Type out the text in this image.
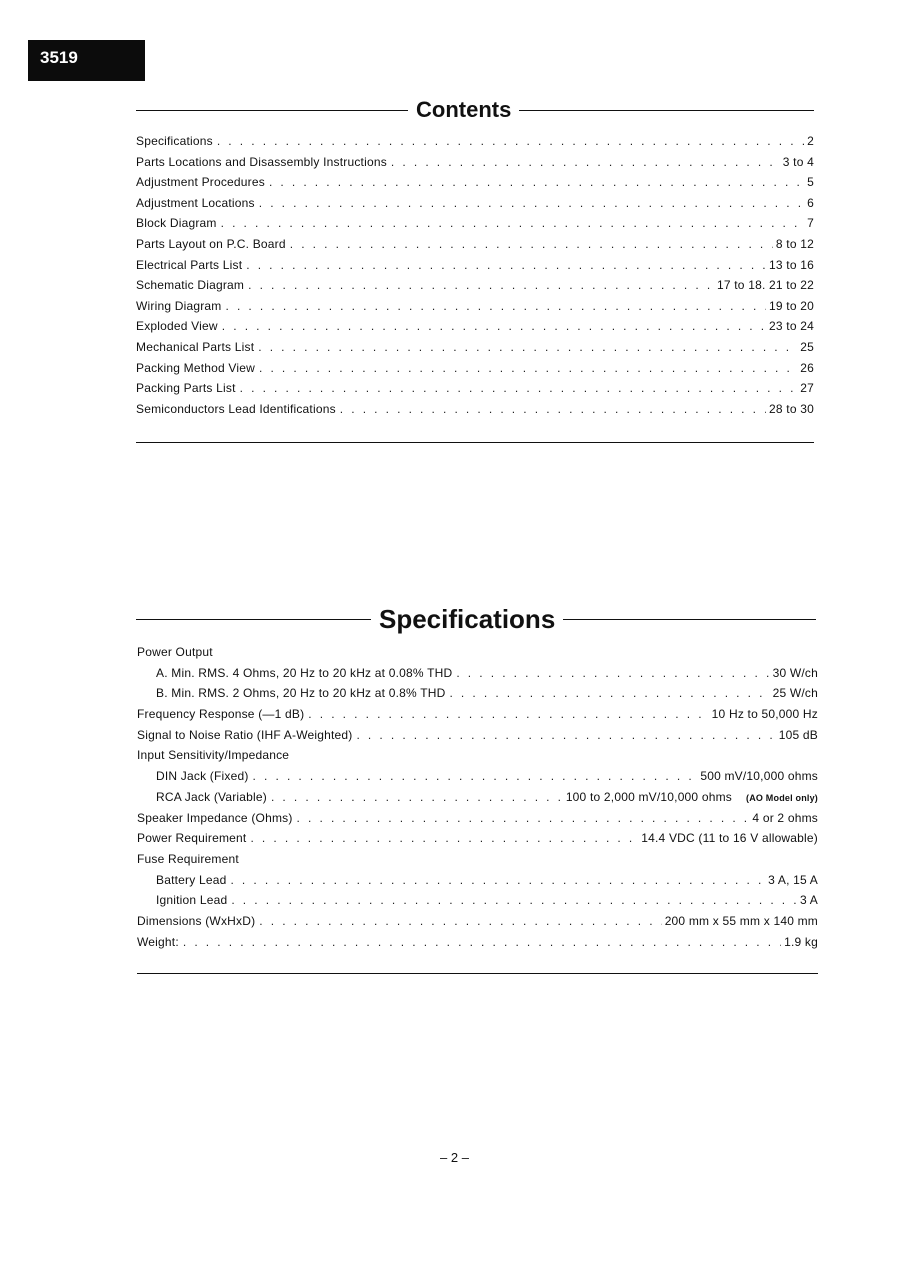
3519
Contents
Specifications . . .	2
Parts Locations and Disassembly Instructions . . .	3 to 4
Adjustment Procedures . . .	5
Adjustment Locations . . .	6
Block Diagram . . .	7
Parts Layout on P.C. Board . . .	8 to 12
Electrical Parts List . . .	13 to 16
Schematic Diagram . . .	17 to 18. 21 to 22
Wiring Diagram . . .	19 to 20
Exploded View . . .	23 to 24
Mechanical Parts List . . .	25
Packing Method View . . .	26
Packing Parts List . . .	27
Semiconductors Lead Identifications . . .	28 to 30
Specifications
Power Output
A. Min. RMS. 4 Ohms, 20 Hz to 20 kHz at 0.08% THD . . .	30 W/ch
B. Min. RMS. 2 Ohms, 20 Hz to 20 kHz at 0.8% THD . . .	25 W/ch
Frequency Response (—1 dB) . . .	10 Hz to 50,000 Hz
Signal to Noise Ratio (IHF A-Weighted) . . .	105 dB
Input Sensitivity/Impedance
DIN Jack (Fixed) . . .	500 mV/10,000 ohms
RCA Jack (Variable) . . .	100 to 2,000 mV/10,000 ohms	(AO Model only)
Speaker Impedance (Ohms) . . .	4 or 2 ohms
Power Requirement . . .	14.4 VDC (11 to 16 V allowable)
Fuse Requirement
Battery Lead . . .	3 A, 15 A
Ignition Lead . . .	3 A
Dimensions (WxHxD) . . .	200 mm x 55 mm x 140 mm
Weight: . . .	1.9 kg
– 2 –
